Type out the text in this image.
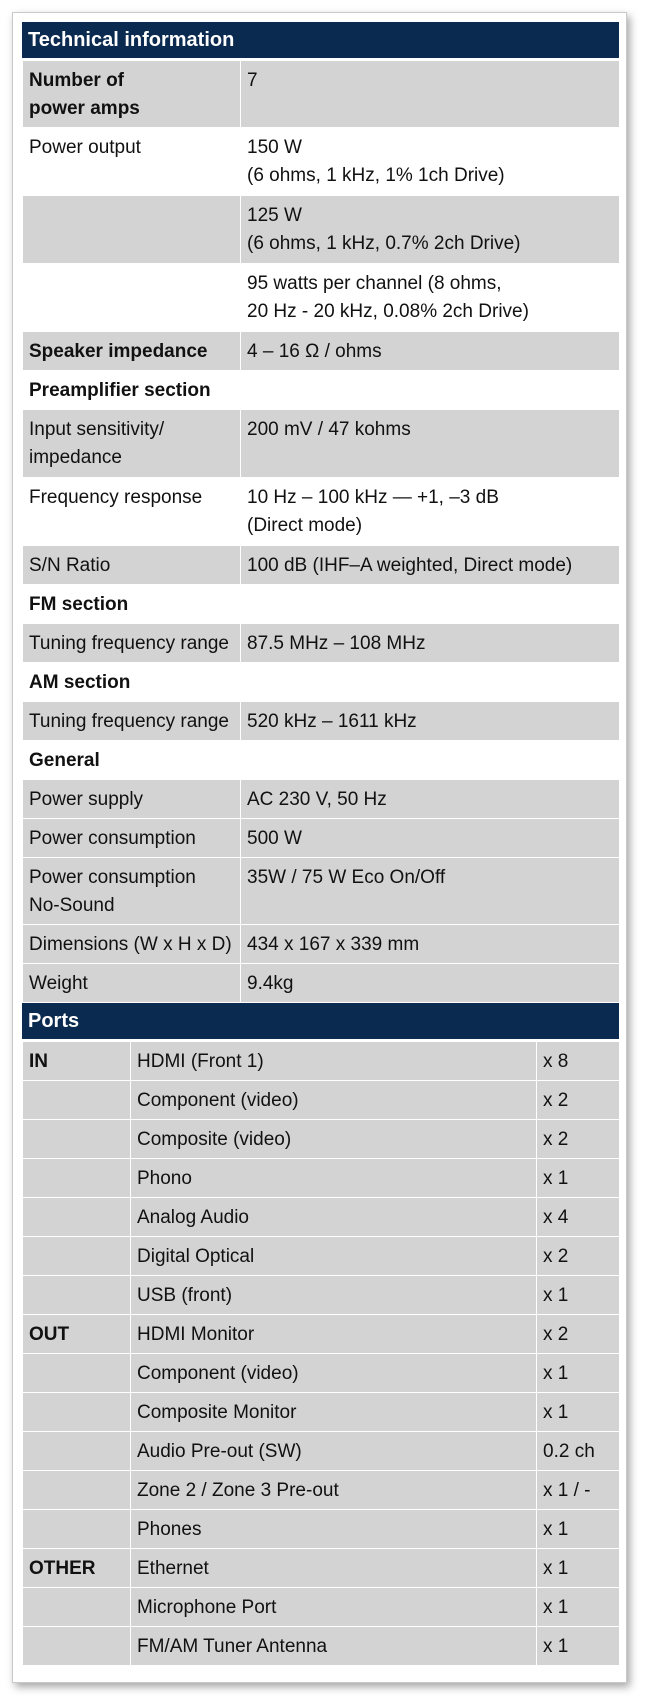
Technical information
Number of
power amps	7
Power output	150 W
(6 ohms, 1 kHz, 1% 1ch Drive)
	125 W
(6 ohms, 1 kHz, 0.7% 2ch Drive)
	95 watts per channel (8 ohms,
20 Hz - 20 kHz, 0.08% 2ch Drive)
Speaker impedance	4 – 16 Ω / ohms
Preamplifier section	
Input sensitivity/
impedance	200 mV / 47 kohms
Frequency response	10 Hz – 100 kHz — +1, –3 dB
(Direct mode)
S/N Ratio	100 dB (IHF–A weighted, Direct mode)
FM section	
Tuning frequency range	87.5 MHz – 108 MHz
AM section	
Tuning frequency range	520 kHz – 1611 kHz
General	
Power supply	AC 230 V, 50 Hz
Power consumption	500 W
Power consumption
No-Sound	35W / 75 W Eco On/Off
Dimensions (W x H x D)	434 x 167 x 339 mm
Weight	9.4kg
Ports
IN	HDMI (Front 1)	x 8
	Component (video)	x 2
	Composite (video)	x 2
	Phono	x 1
	Analog Audio	x 4
	Digital Optical	x 2
	USB (front)	x 1
OUT	HDMI Monitor	x 2
	Component (video)	x 1
	Composite Monitor	x 1
	Audio Pre-out (SW)	0.2 ch
	Zone 2 / Zone 3 Pre-out	x 1 / -
	Phones	x 1
OTHER	Ethernet	x 1
	Microphone Port	x 1
	FM/AM Tuner Antenna	x 1
